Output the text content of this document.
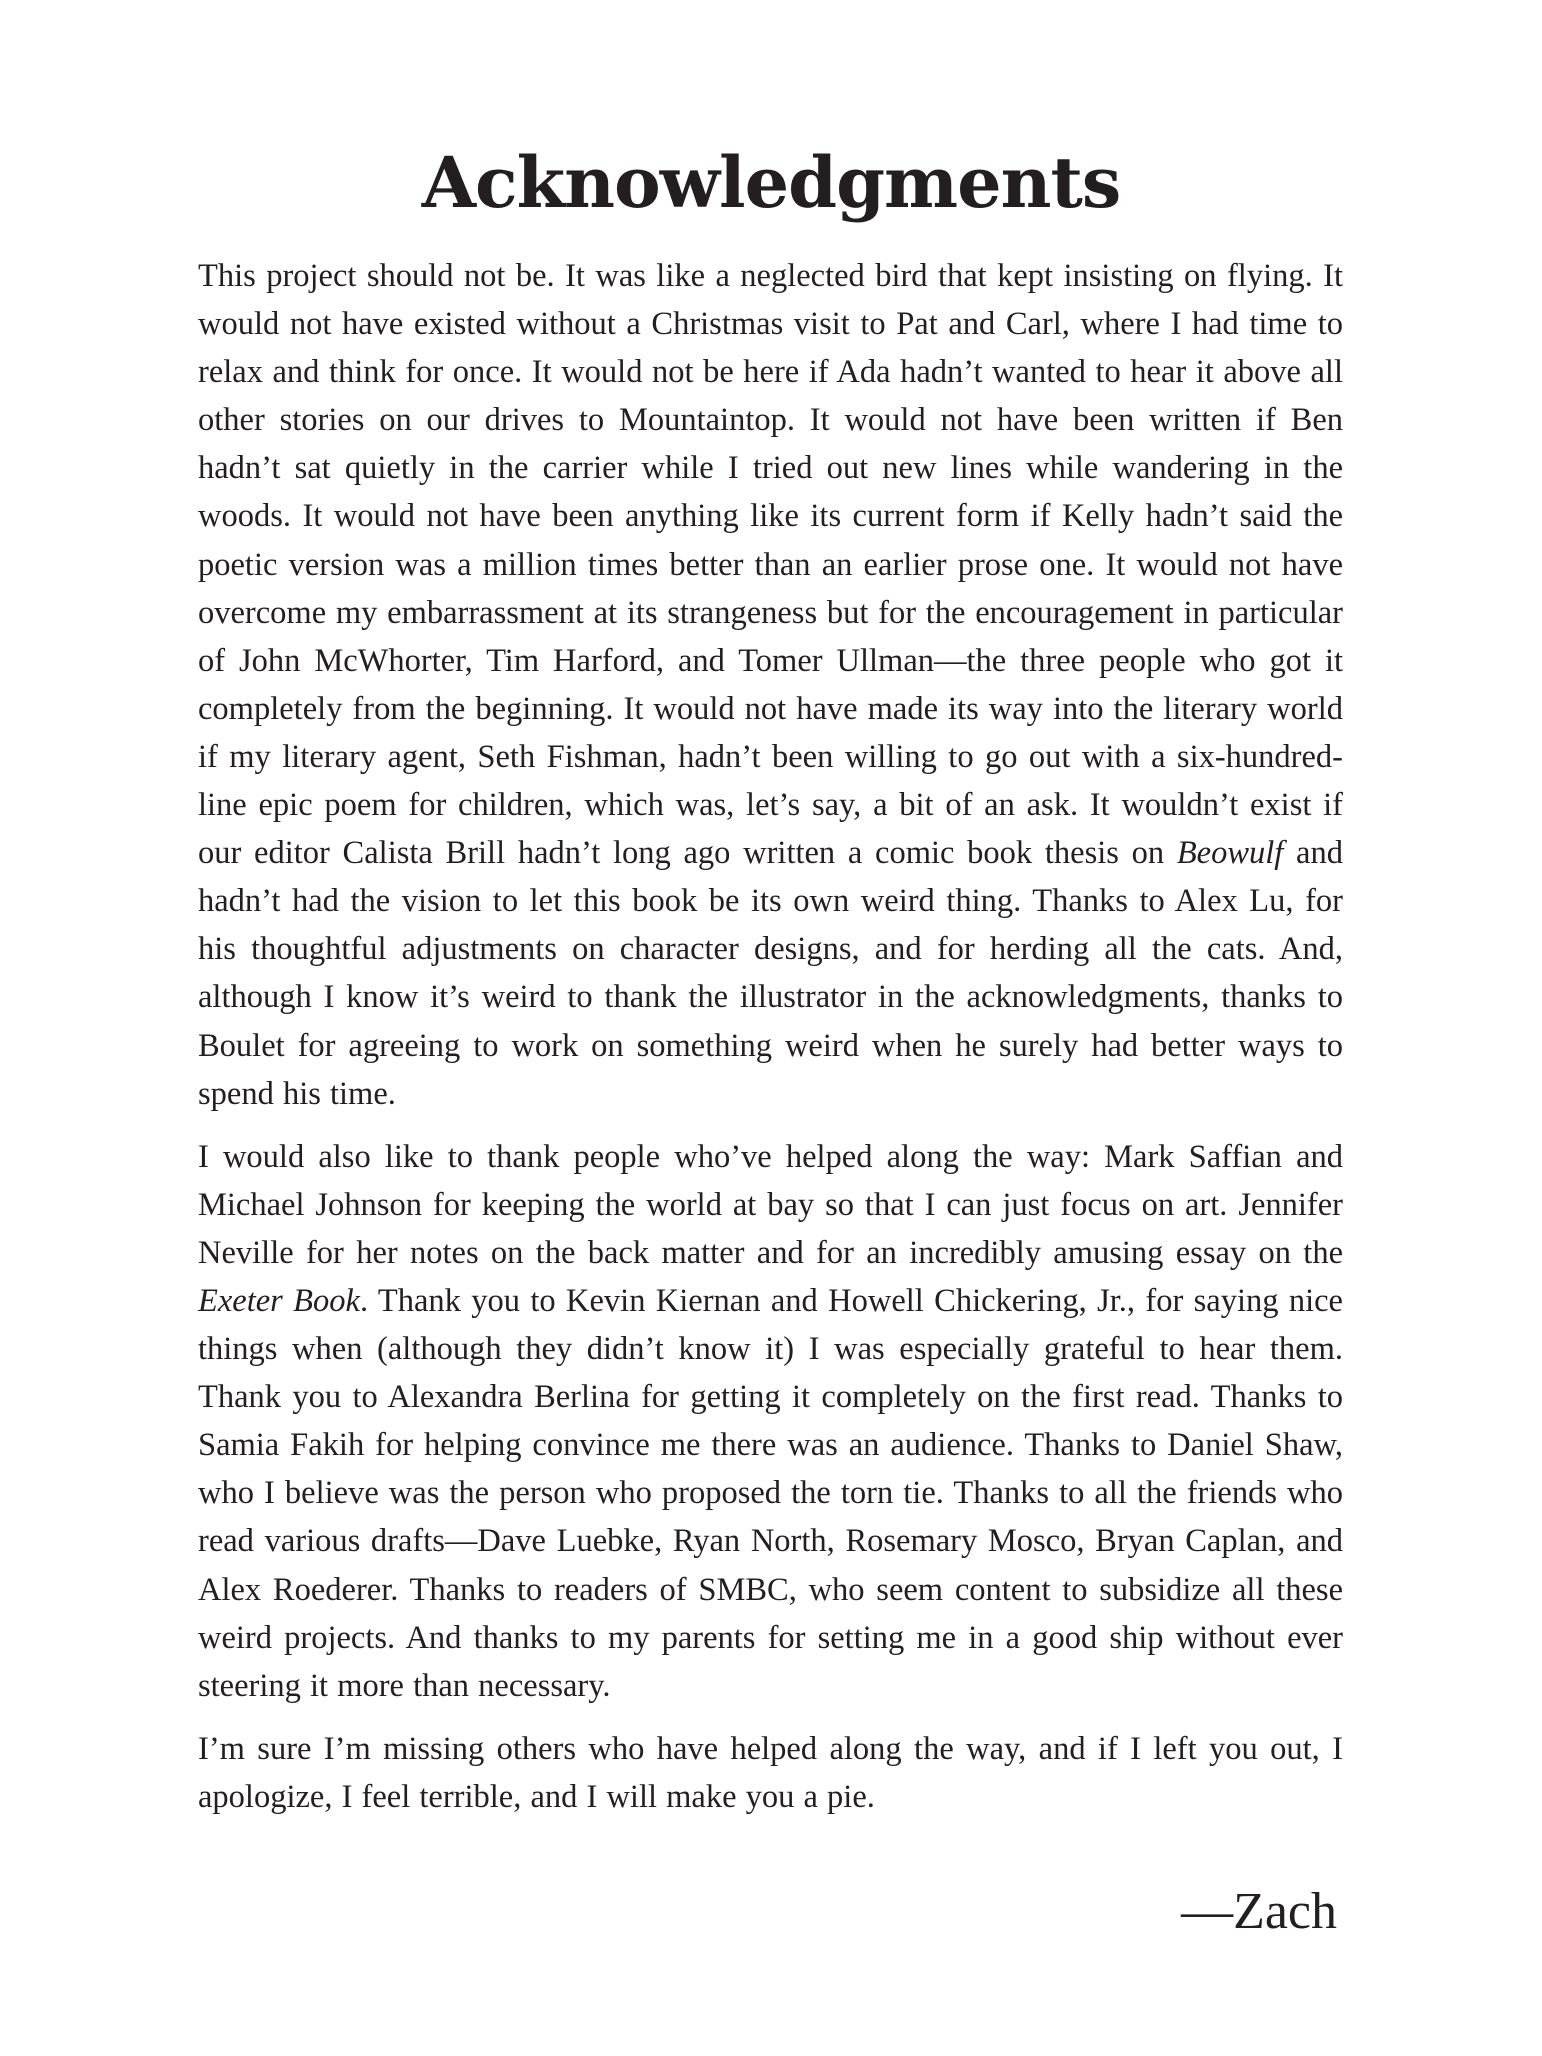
Acknowledgments

This project should not be. It was like a neglected bird that kept insisting on flying. It would not have existed without a Christmas visit to Pat and Carl, where I had time to relax and think for once. It would not be here if Ada hadn’t wanted to hear it above all other stories on our drives to Mountaintop. It would not have been written if Ben hadn’t sat quietly in the carrier while I tried out new lines while wandering in the woods. It would not have been anything like its current form if Kelly hadn’t said the poetic version was a million times better than an earlier prose one. It would not have overcome my embarrassment at its strangeness but for the encouragement in particular of John McWhorter, Tim Harford, and Tomer Ullman—the three people who got it completely from the beginning. It would not have made its way into the literary world if my literary agent, Seth Fishman, hadn’t been willing to go out with a six-hundred-line epic poem for children, which was, let’s say, a bit of an ask. It wouldn’t exist if our editor Calista Brill hadn’t long ago written a comic book thesis on Beowulf and hadn’t had the vision to let this book be its own weird thing. Thanks to Alex Lu, for his thoughtful adjustments on character designs, and for herding all the cats. And, although I know it’s weird to thank the illustrator in the acknowledgments, thanks to Boulet for agreeing to work on something weird when he surely had better ways to spend his time.

I would also like to thank people who’ve helped along the way: Mark Saffian and Michael Johnson for keeping the world at bay so that I can just focus on art. Jennifer Neville for her notes on the back matter and for an incredibly amusing essay on the Exeter Book. Thank you to Kevin Kiernan and Howell Chickering, Jr., for saying nice things when (although they didn’t know it) I was especially grateful to hear them. Thank you to Alexandra Berlina for getting it completely on the first read. Thanks to Samia Fakih for helping convince me there was an audience. Thanks to Daniel Shaw, who I believe was the person who proposed the torn tie. Thanks to all the friends who read various drafts—Dave Luebke, Ryan North, Rosemary Mosco, Bryan Caplan, and Alex Roederer. Thanks to readers of SMBC, who seem content to subsidize all these weird projects. And thanks to my parents for setting me in a good ship without ever steering it more than necessary.

I’m sure I’m missing others who have helped along the way, and if I left you out, I apologize, I feel terrible, and I will make you a pie.

—Zach
